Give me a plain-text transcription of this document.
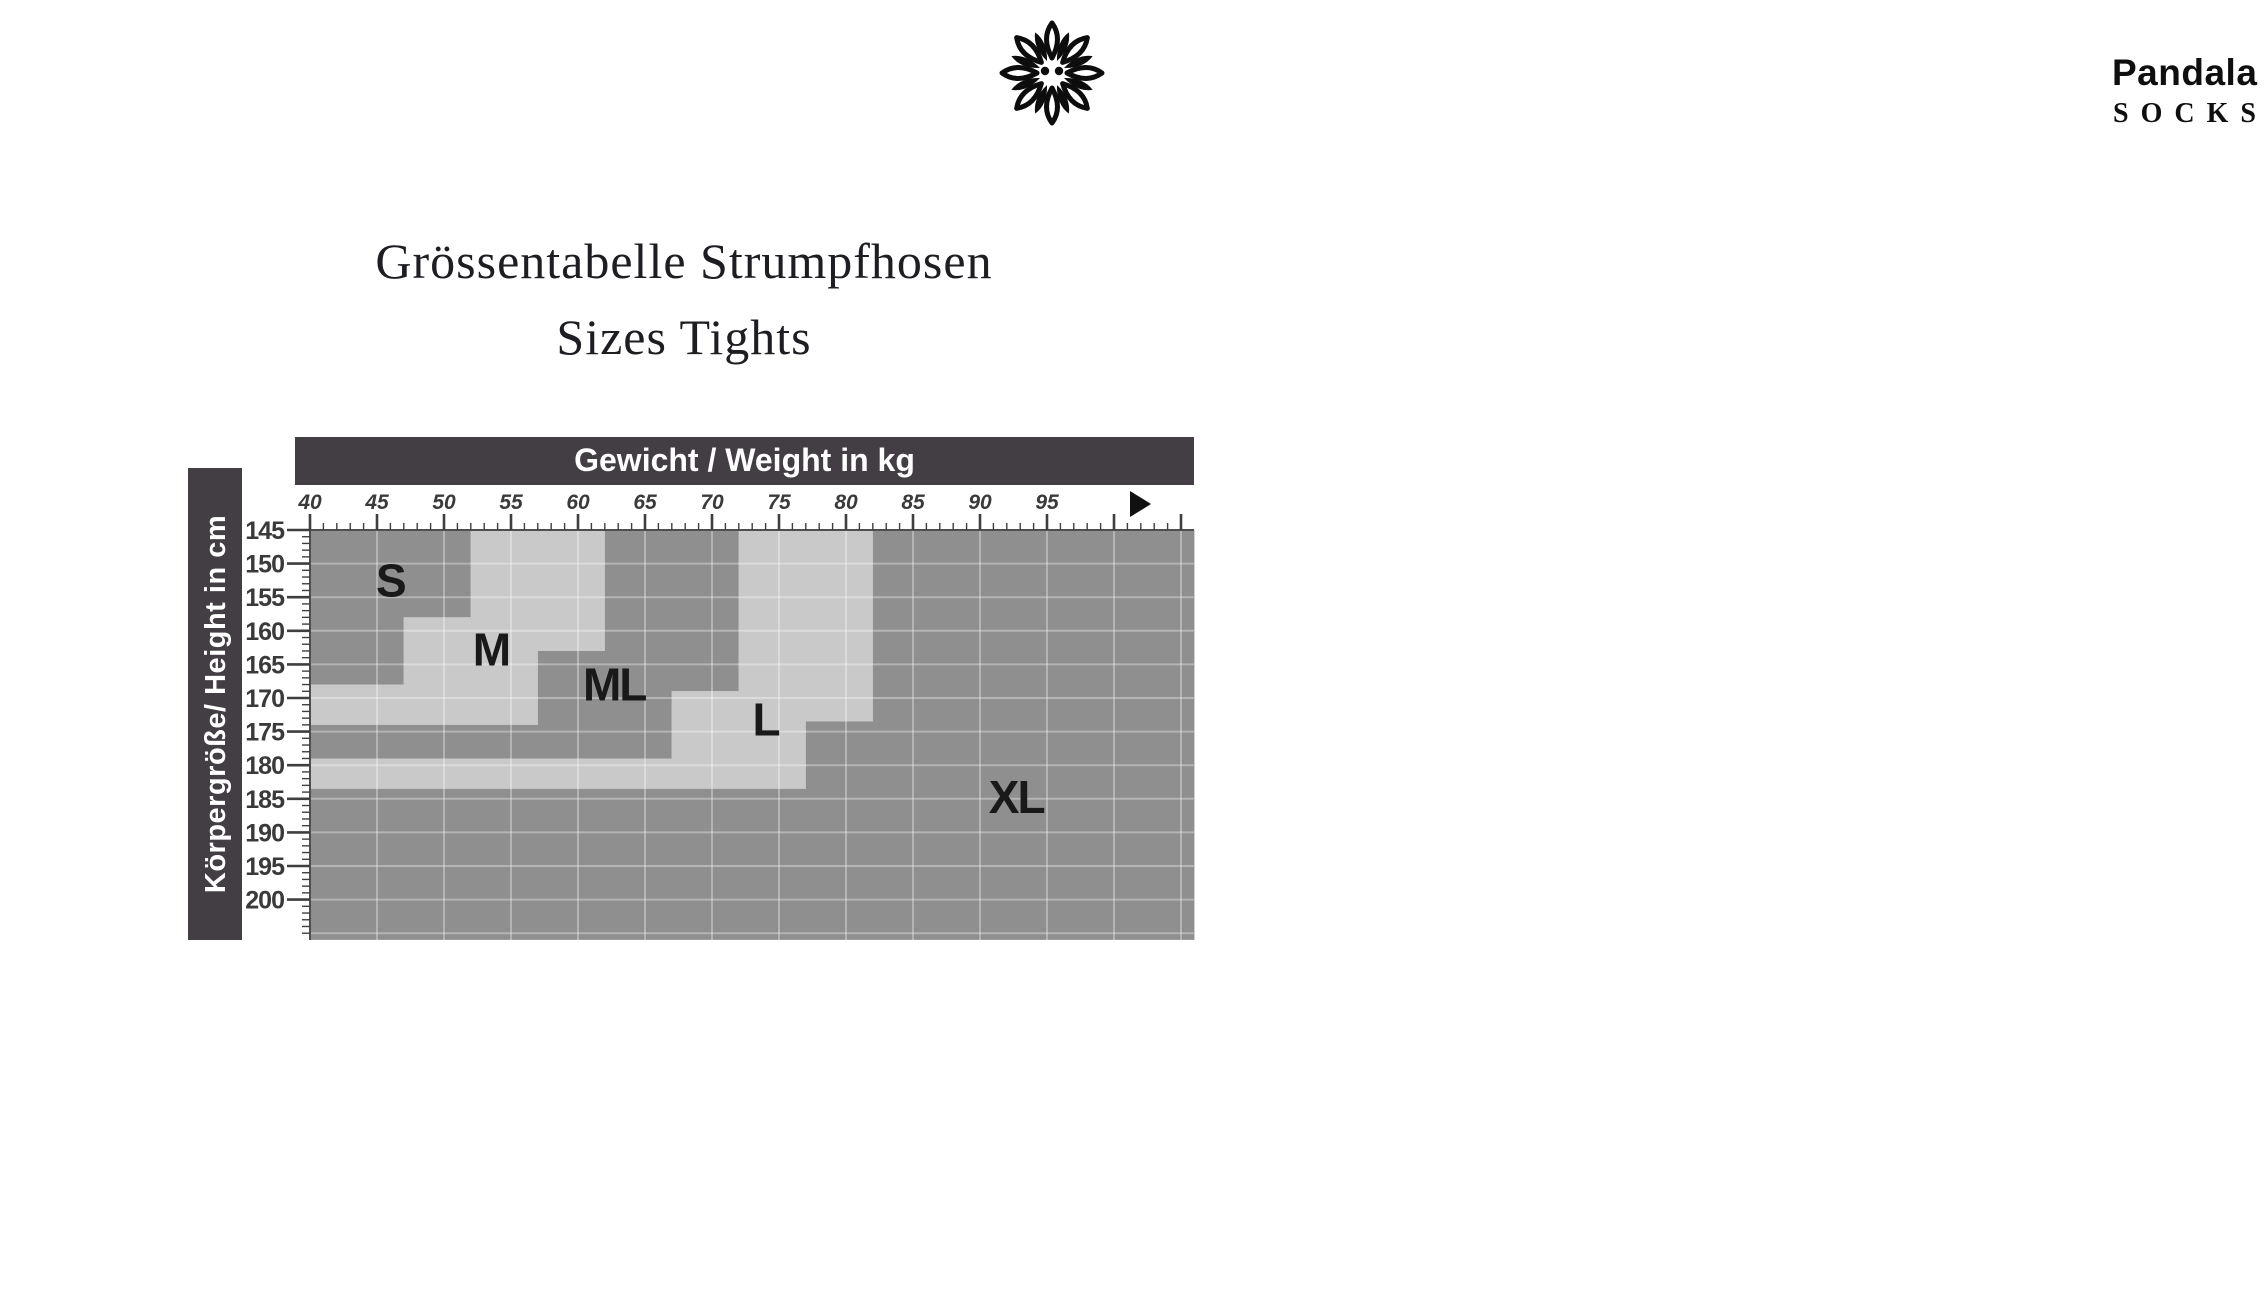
Pandala
SOCKS
Grössentabelle Strumpfhosen
Sizes Tights
Gewicht / Weight in kg
Körpergröße/ Height in cm
40 45 50 55 60 65 70 75 80 85 90 95
145
150
155
160
165
170
175
180
185
190
195
200
S
M
ML
L
XL
